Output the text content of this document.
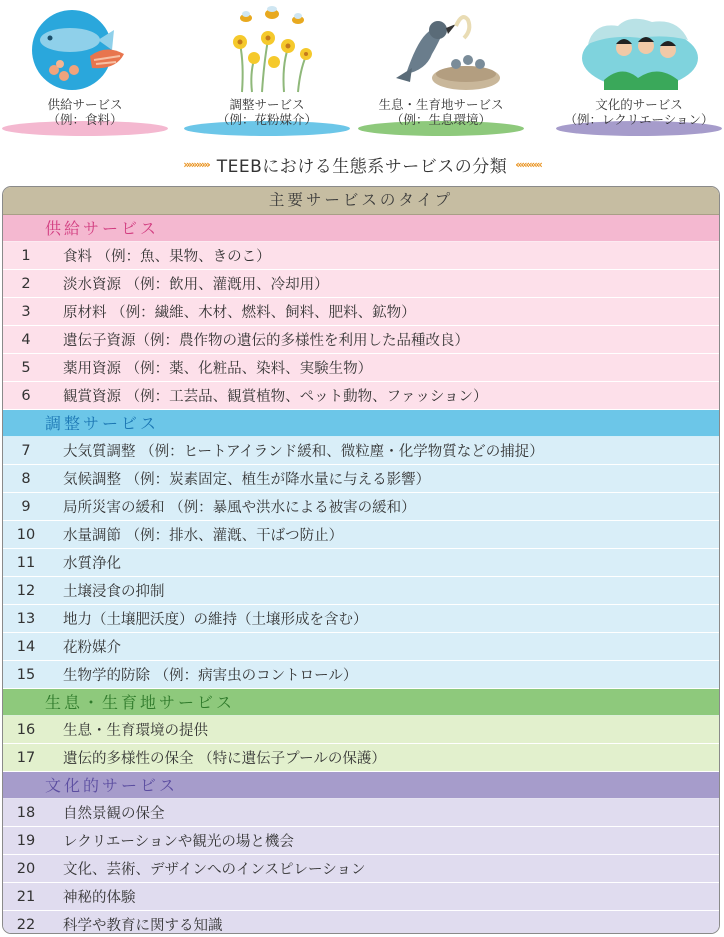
供給サービス
（例：食料）
調整サービス
（例：花粉媒介）
生息・生育地サービス
（例：生息環境）
文化的サービス
（例：レクリエーション）
»»»»» TEEBにおける生態系サービスの分類 «««««
主要サービスのタイプ
供給サービス
1	食料 （例：魚、果物、きのこ）
2	淡水資源 （例：飲用、灌漑用、冷却用）
3	原材料 （例：繊維、木材、燃料、飼料、肥料、鉱物）
4	遺伝子資源（例：農作物の遺伝的多様性を利用した品種改良）
5	薬用資源 （例：薬、化粧品、染料、実験生物）
6	観賞資源 （例：工芸品、観賞植物、ペット動物、ファッション）
調整サービス
7	大気質調整 （例：ヒートアイランド緩和、微粒塵・化学物質などの捕捉）
8	気候調整 （例：炭素固定、植生が降水量に与える影響）
9	局所災害の緩和 （例：暴風や洪水による被害の緩和）
10	水量調節 （例：排水、灌漑、干ばつ防止）
11	水質浄化
12	土壌浸食の抑制
13	地力（土壌肥沃度）の維持（土壌形成を含む）
14	花粉媒介
15	生物学的防除 （例：病害虫のコントロール）
生息・生育地サービス
16	生息・生育環境の提供
17	遺伝的多様性の保全 （特に遺伝子プールの保護）
文化的サービス
18	自然景観の保全
19	レクリエーションや観光の場と機会
20	文化、芸術、デザインへのインスピレーション
21	神秘的体験
22	科学や教育に関する知識
